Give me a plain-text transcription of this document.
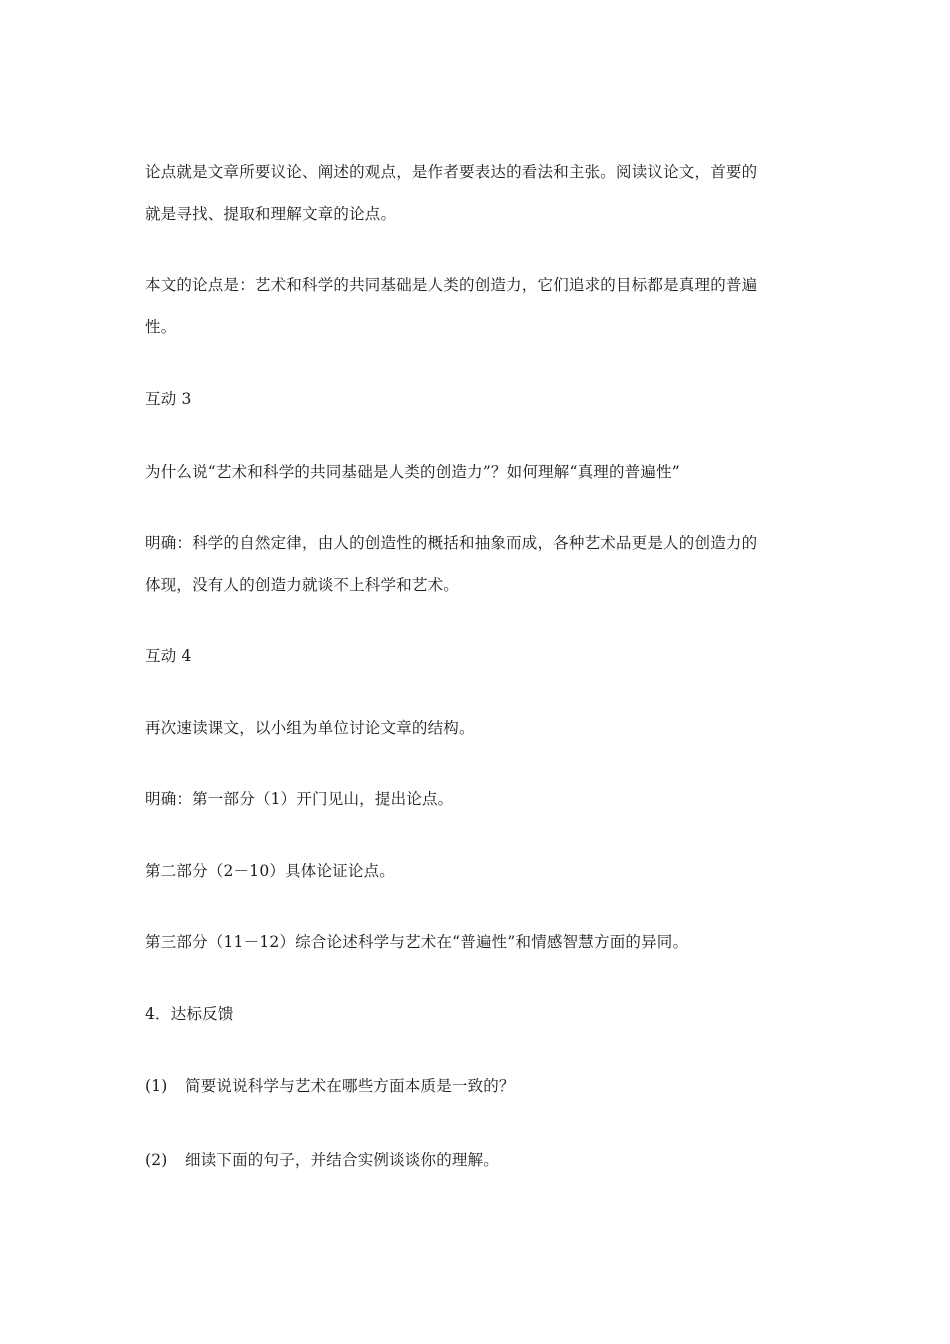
论点就是文章所要议论、阐述的观点，是作者要表达的看法和主张。阅读议论文，首要的
就是寻找、提取和理解文章的论点。
本文的论点是：艺术和科学的共同基础是人类的创造力，它们追求的目标都是真理的普遍
性。
互动 3
为什么说“艺术和科学的共同基础是人类的创造力”？如何理解“真理的普遍性”
明确：科学的自然定律，由人的创造性的概括和抽象而成，各种艺术品更是人的创造力的
体现，没有人的创造力就谈不上科学和艺术。
互动 4
再次速读课文，以小组为单位讨论文章的结构。
明确：第一部分（1）开门见山，提出论点。
第二部分（2－10）具体论证论点。
第三部分（11－12）综合论述科学与艺术在“普遍性”和情感智慧方面的异同。
4．达标反馈
(1) 简要说说科学与艺术在哪些方面本质是一致的？
(2) 细读下面的句子，并结合实例谈谈你的理解。
